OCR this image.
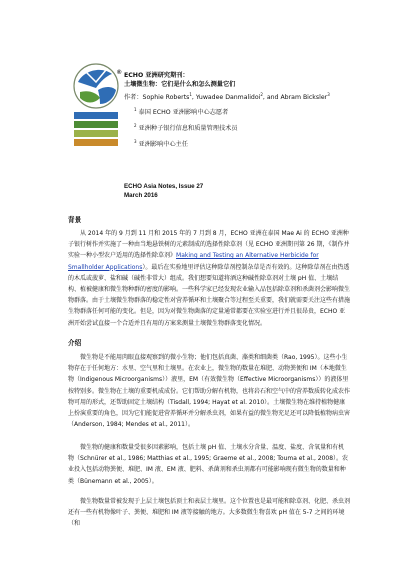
® ECHO 亚洲研究期刊：
土壤微生物：它们是什么和怎么测量它们
作者：Sophie Roberts$^1$, Yuwadee Danmalidoi$^2$, and Abram Bicksler$^3$
$^1$ 泰国 ECHO 亚洲影响中心志愿者
$^2$ 亚洲种子银行信息和质量管理技术员
$^3$ 亚洲影响中心主任
ECHO Asia Notes, Issue 27
March 2016
背景
从 2014 年的 9 月到 11 月和 2015 年的 7 月到 8 月，ECHO 亚洲在泰国 Mae Ai 的 ECHO 亚洲种子银行树作并实施了一种由当地悬铁树的元素制成的选择性除草剂（见 ECHO 亚洲期刊第 26 期，《制作并实验一种小型农户适用的选择性除草剂》Making and Testing an Alternative Herbicide for Smallholder Applications）。最后在实验地里评估这种除草剂控制杂草是否有效的。这种除草剂在由热透的木瓜或菠萝、盐和碱（碱性非常大）组成。我们想要知道将酒这种碱性除草剂对土壤 pH 值、土壤结构、植被健康和微生物种群的密度的影响。一些科学家已经发现农业输入品包括除草剂和杀菌剂会影响微生物群落。由于土壤微生物群落的稳定性对营养循环和土壤聚合等过程至关重要，我们就需要关注这些有措施生物群落任何可能的变化。但是，因为对微生物菌落的定量通常都要在实验室进行并且很昂贵，ECHO 亚洲开始尝试直接一个合适并且有用的方案来测量土壤微生物群落变化情况。
介绍
微生物是不能用肉眼直接观察到的微小生物；他们包括真菌、藻类和细菌类（Rao, 1995）。这些小生物存在于任何地方：水里、空气里和土壤里。在农业上，微生物的数量在堆肥、动物粪便和 IM（本地微生物（Indigenous Microorganisms））液里，EM（有效微生物（Effective Microorganisms））的液体里按特别多。微生物在土壤的重要机成成份。它们帮助分解有机物，也将岩石和空气中的营养数质转化成农作物可用的形式，还帮助固定土壤结构（Tisdall, 1994; Hayat et al. 2010）。土壤微生物在维持植物健康上扮演重要的角色，因为它们能促进营养循环并分解杀虫剂，如果有益的微生物充足还可以降低植物病虫害（Anderson, 1984; Mendes et al., 2011）。
微生物的健康和数量受很多因素影响，包括土壤 pH 值、土壤水分含量、温度、盐度、含氧量和有机物（Schnürer et al., 1986; Matthias et al., 1995; Graeme et al., 2008; Touma et al., 2008）。农业投入包括动物粪便、堆肥、IM 液、EM 液、肥料、杀菌剂和杀虫剂都有可能影响现有微生物的数量和种类（Bünemann et al., 2005）。
微生物数量常被发现于上层土壤包括顶土和表层土壤里。这个位置也是最可能和除草剂、化肥、杀虫剂还有一些有机物像叶子、粪便、堆肥和 IM 液等接触的地方。大多数微生物喜欢 pH 值在 5-7 之间的环境（和
